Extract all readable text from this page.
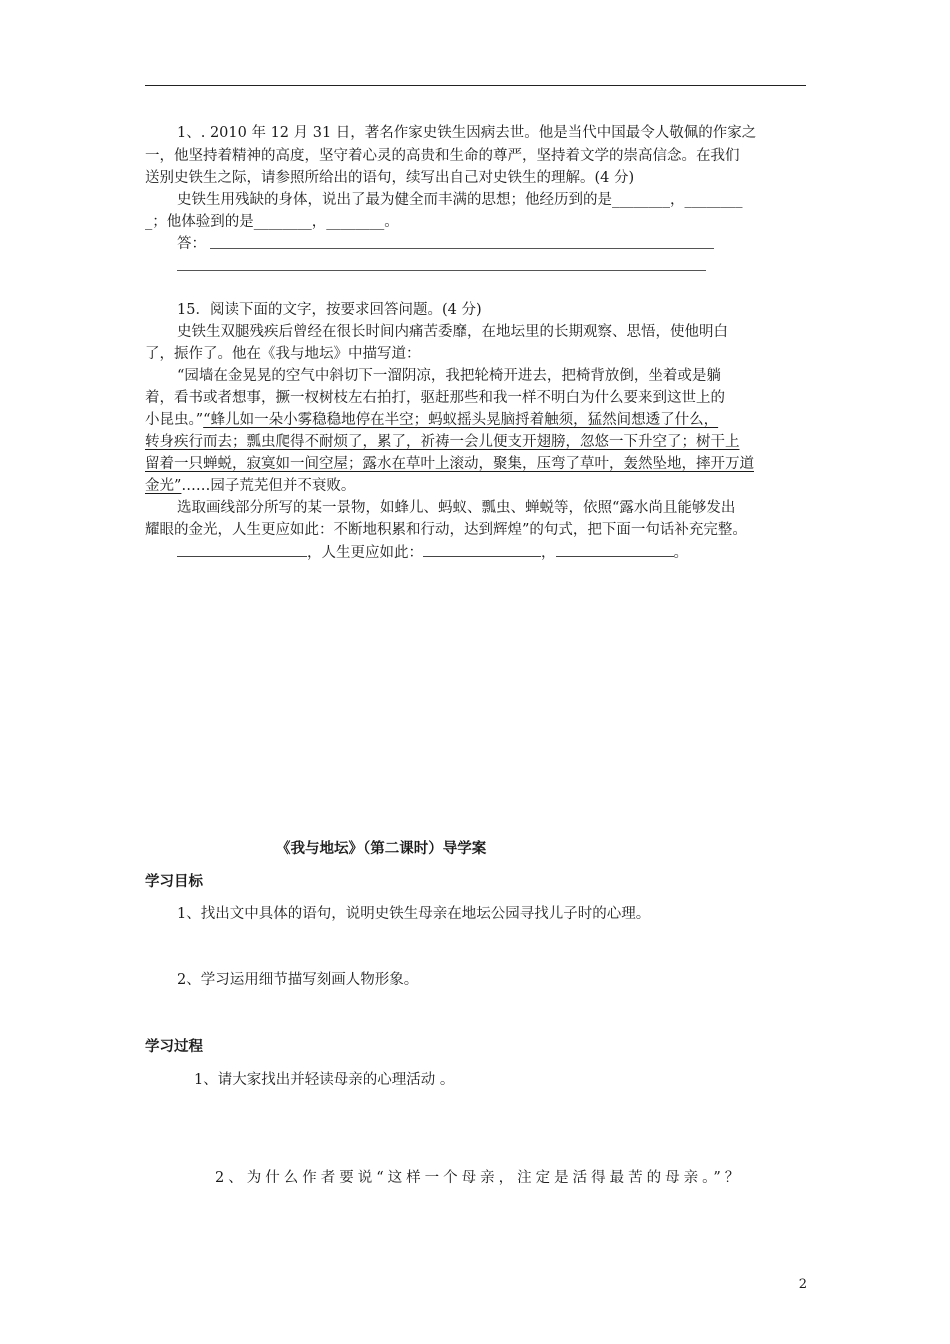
1、. 2010 年 12 月 31 日，著名作家史铁生因病去世。他是当代中国最令人敬佩的作家之
一，他坚持着精神的高度，坚守着心灵的高贵和生命的尊严，坚持着文学的崇高信念。在我们
送别史铁生之际，请参照所给出的语句，续写出自己对史铁生的理解。(4 分)
史铁生用残缺的身体，说出了最为健全而丰满的思想；他经历到的是________，________
_；他体验到的是________，________。
答：
15．阅读下面的文字，按要求回答问题。(4 分)
史铁生双腿残疾后曾经在很长时间内痛苦委靡，在地坛里的长期观察、思悟，使他明白
了，振作了。他在《我与地坛》中描写道：
“园墙在金晃晃的空气中斜切下一溜阴凉，我把轮椅开进去，把椅背放倒，坐着或是躺
着，看书或者想事，撅一杈树枝左右拍打，驱赶那些和我一样不明白为什么要来到这世上的
小昆虫。”“蜂儿如一朵小雾稳稳地停在半空；蚂蚁摇头晃脑捋着触须，猛然间想透了什么，
转身疾行而去；瓢虫爬得不耐烦了，累了，祈祷一会儿便支开翅膀，忽悠一下升空了；树干上
留着一只蝉蜕，寂寞如一间空屋；露水在草叶上滚动，聚集，压弯了草叶，轰然坠地，摔开万道
金光”……园子荒芜但并不衰败。
选取画线部分所写的某一景物，如蜂儿、蚂蚁、瓢虫、蝉蜕等，依照“露水尚且能够发出
耀眼的金光，人生更应如此：不断地积累和行动，达到辉煌”的句式，把下面一句话补充完整。
，人生更应如此：	，	。
《我与地坛》（第二课时）导学案
学习目标
1、找出文中具体的语句，说明史铁生母亲在地坛公园寻找儿子时的心理。
2、学习运用细节描写刻画人物形象。
学习过程
1、请大家找出并轻读母亲的心理活动 。
2、为什么作者要说“这样一个母亲，注定是活得最苦的母亲。”？
2
